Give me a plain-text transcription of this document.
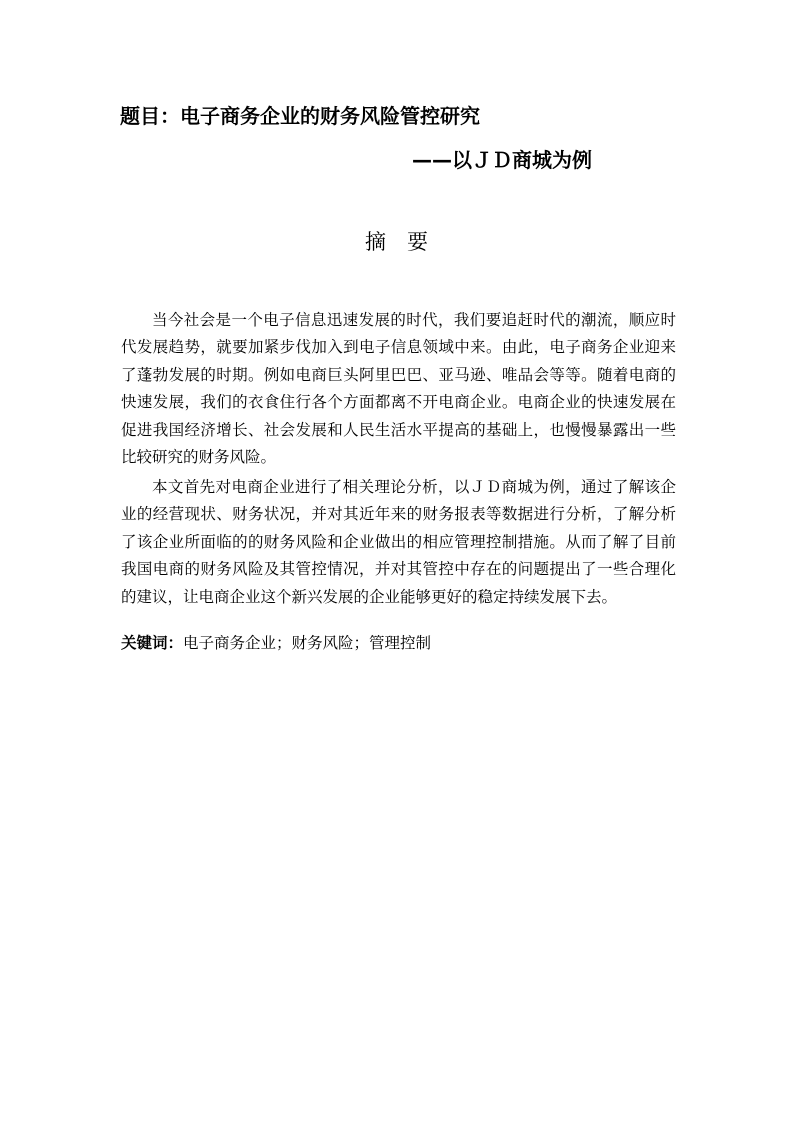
题目：电子商务企业的财务风险管控研究
——以ＪＤ商城为例
摘　要
当今社会是一个电子信息迅速发展的时代，我们要追赶时代的潮流，顺应时
代发展趋势，就要加紧步伐加入到电子信息领域中来。由此，电子商务企业迎来
了蓬勃发展的时期。例如电商巨头阿里巴巴、亚马逊、唯品会等等。随着电商的
快速发展，我们的衣食住行各个方面都离不开电商企业。电商企业的快速发展在
促进我国经济增长、社会发展和人民生活水平提高的基础上，也慢慢暴露出一些
比较研究的财务风险。
本文首先对电商企业进行了相关理论分析，以ＪＤ商城为例，通过了解该企
业的经营现状、财务状况，并对其近年来的财务报表等数据进行分析，了解分析
了该企业所面临的的财务风险和企业做出的相应管理控制措施。从而了解了目前
我国电商的财务风险及其管控情况，并对其管控中存在的问题提出了一些合理化
的建议，让电商企业这个新兴发展的企业能够更好的稳定持续发展下去。
关键词：电子商务企业；财务风险；管理控制
